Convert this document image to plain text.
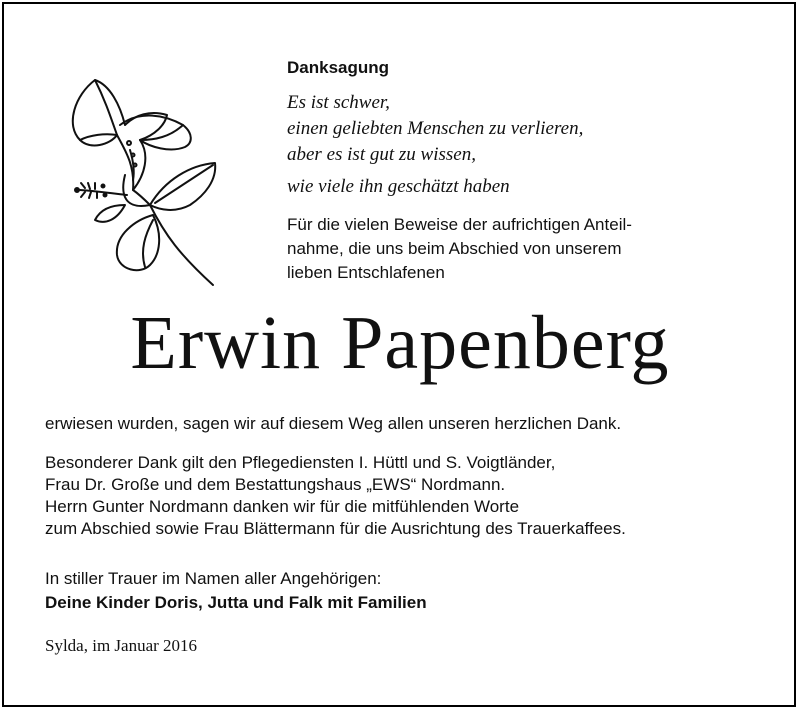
Danksagung
Es ist schwer,
einen geliebten Menschen zu verlieren,
aber es ist gut zu wissen,
wie viele ihn geschätzt haben
Für die vielen Beweise der aufrichtigen Anteil-
nahme, die uns beim Abschied von unserem
lieben Entschlafenen
Erwin Papenberg
erwiesen wurden, sagen wir auf diesem Weg allen unseren herzlichen Dank.
Besonderer Dank gilt den Pflegediensten I. Hüttl und S. Voigtländer,
Frau Dr. Große und dem Bestattungshaus „EWS“ Nordmann.
Herrn Gunter Nordmann danken wir für die mitfühlenden Worte
zum Abschied sowie Frau Blättermann für die Ausrichtung des Trauerkaffees.
In stiller Trauer im Namen aller Angehörigen:
Deine Kinder Doris, Jutta und Falk mit Familien
Sylda, im Januar 2016
